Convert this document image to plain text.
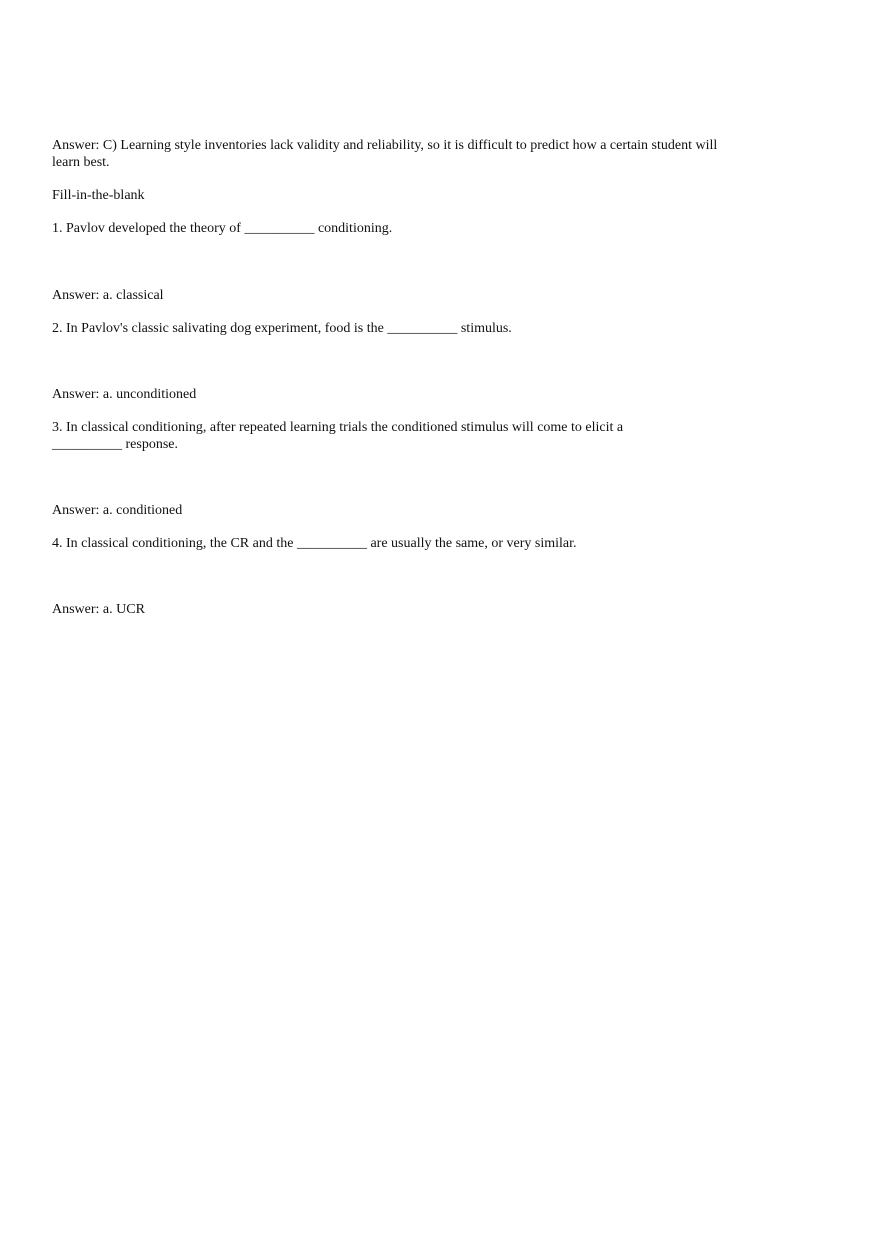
Answer: C) Learning style inventories lack validity and reliability, so it is difficult to predict how a certain student will
learn best.
Fill-in-the-blank
1. Pavlov developed the theory of __________ conditioning.
Answer: a. classical
2. In Pavlov's classic salivating dog experiment, food is the __________ stimulus.
Answer: a. unconditioned
3. In classical conditioning, after repeated learning trials the conditioned stimulus will come to elicit a
__________ response.
Answer: a. conditioned
4. In classical conditioning, the CR and the __________ are usually the same, or very similar.
Answer: a. UCR
